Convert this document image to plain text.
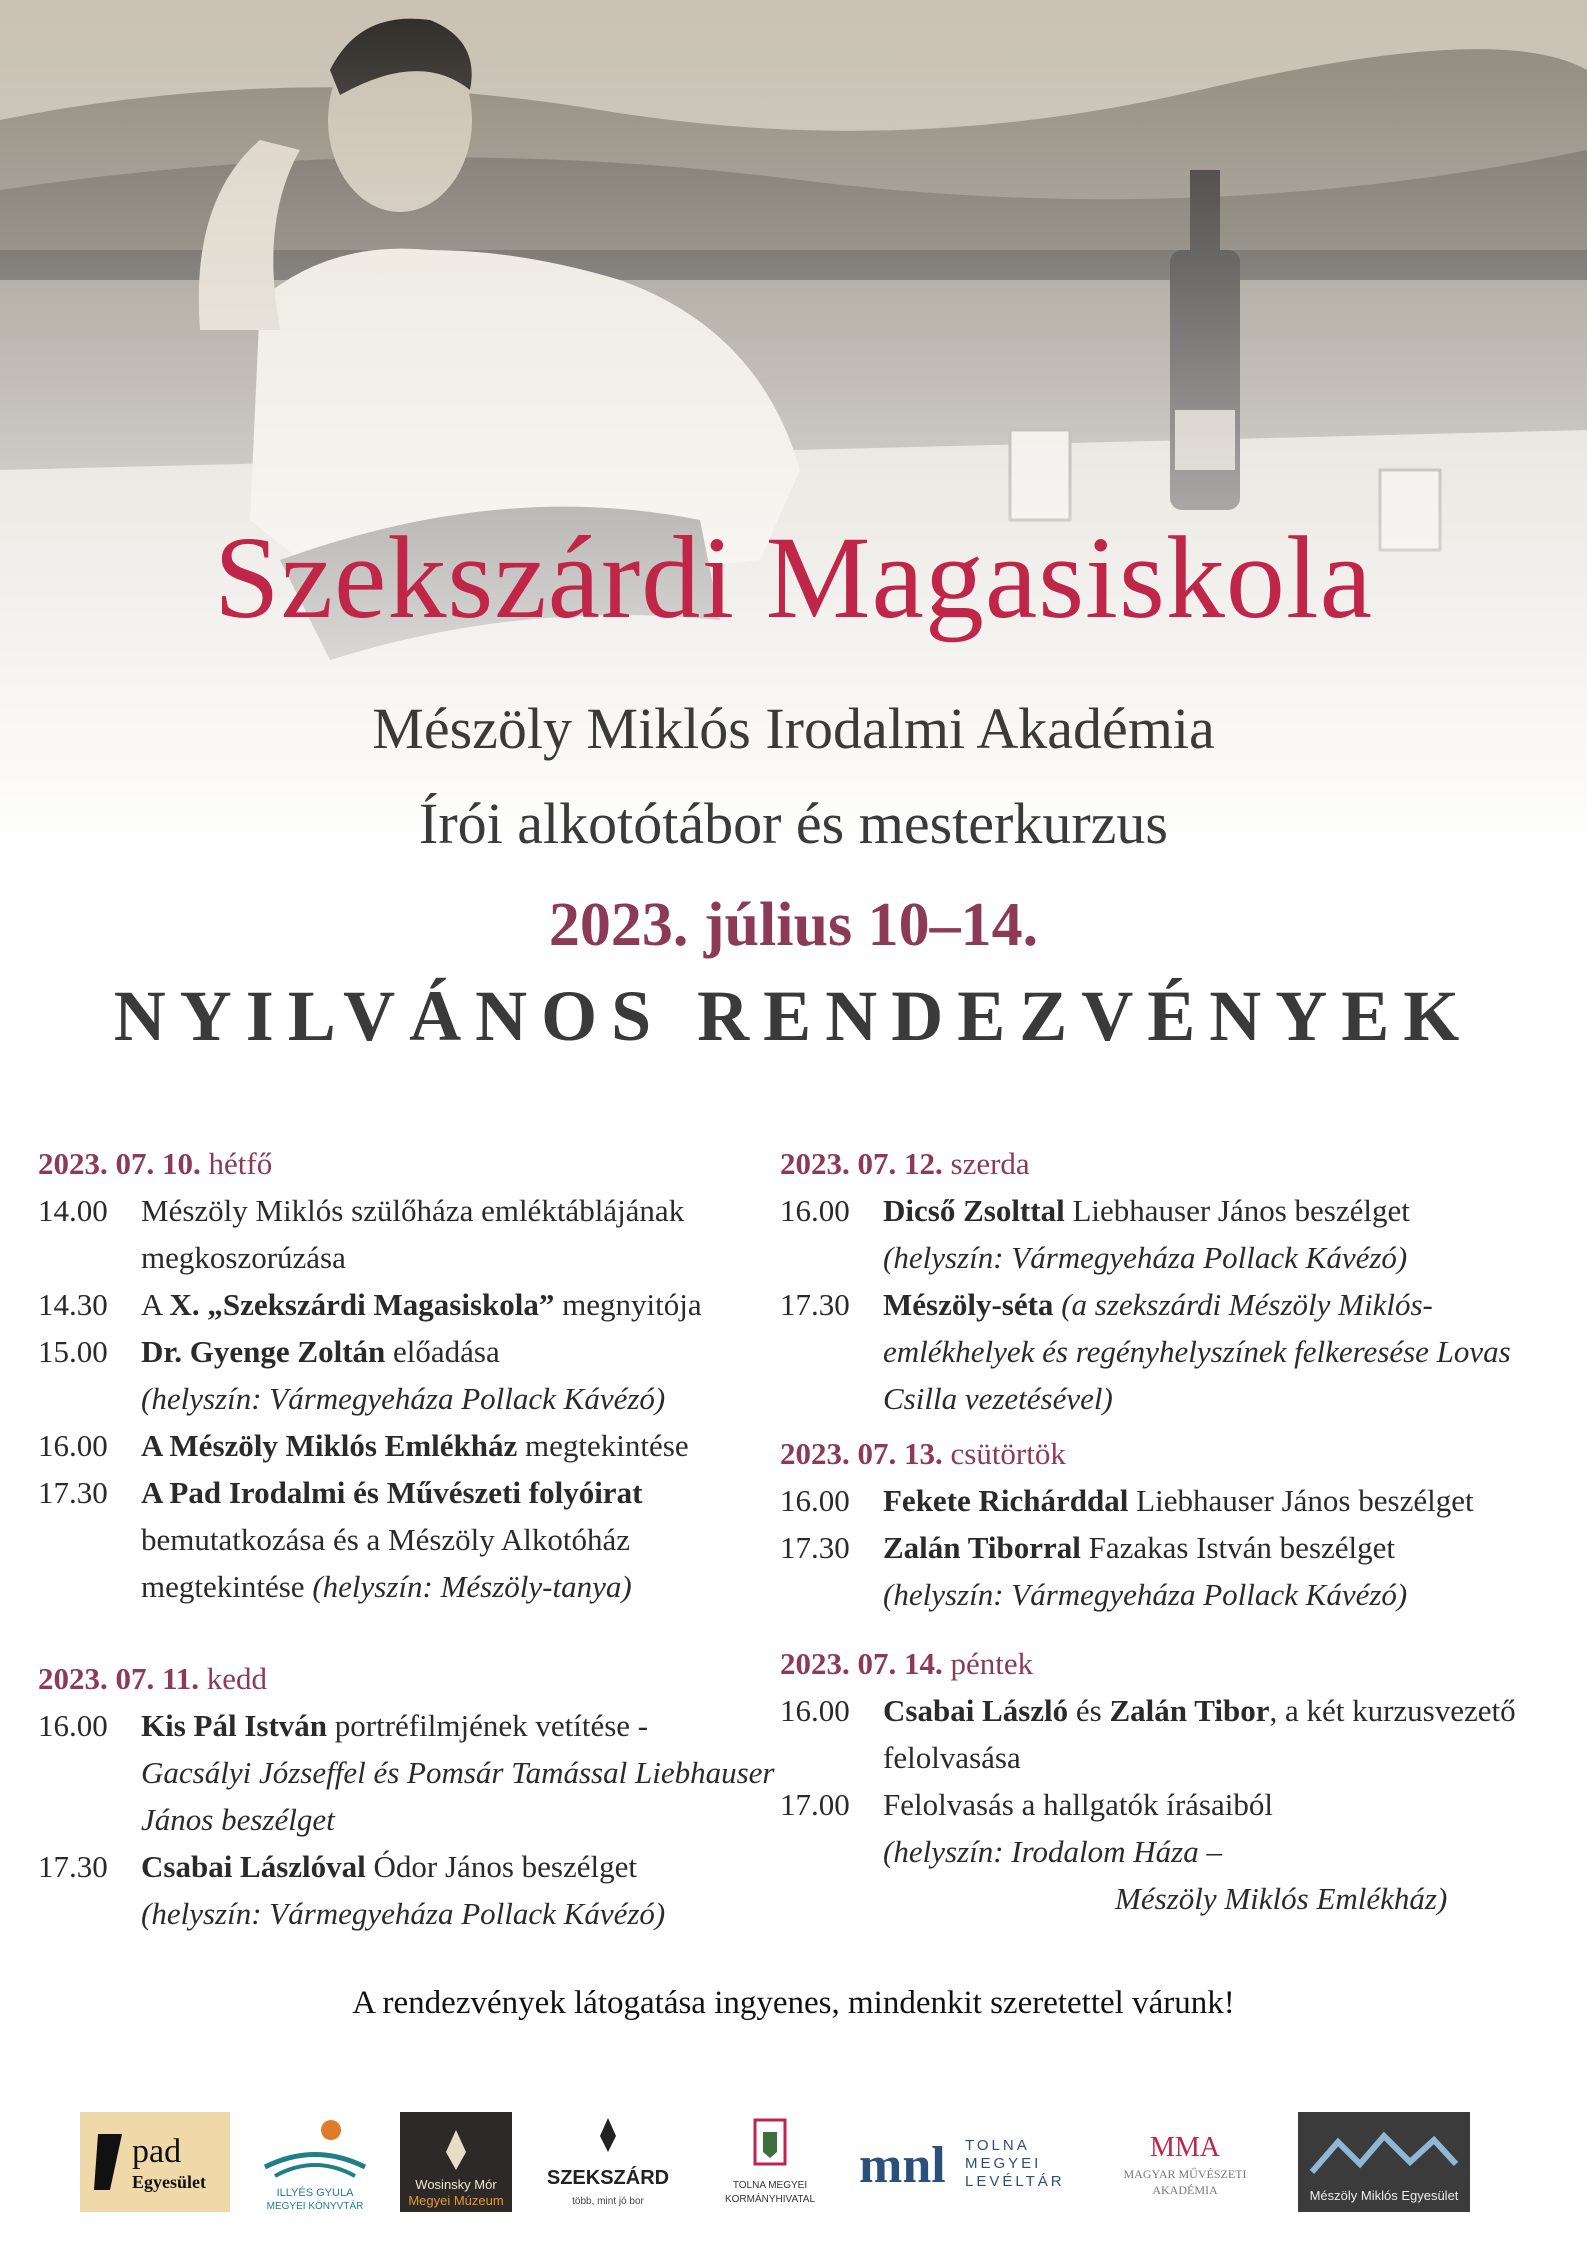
Szekszárdi Magasiskola
Mészöly Miklós Irodalmi Akadémia
Írói alkotótábor és mesterkurzus
2023. július 10–14.
NYILVÁNOS RENDEZVÉNYEK
2023. 07. 10. hétfő
14.00	Mészöly Miklós szülőháza emléktáblájának megkoszorúzása
14.30	A X. „Szekszárdi Magasiskola” megnyitója
15.00	Dr. Gyenge Zoltán előadása
(helyszín: Vármegyeháza Pollack Kávézó)
16.00	A Mészöly Miklós Emlékház megtekintése
17.30	A Pad Irodalmi és Művészeti folyóirat bemutatkozása és a Mészöly Alkotóház megtekintése (helyszín: Mészöly-tanya)
2023. 07. 11. kedd
16.00	Kis Pál István portréfilmjének vetítése -
Gacsályi Józseffel és Pomsár Tamással Liebhauser János beszélget
17.30	Csabai Lászlóval Ódor János beszélget
(helyszín: Vármegyeháza Pollack Kávézó)
2023. 07. 12. szerda
16.00	Dicső Zsolttal Liebhauser János beszélget
(helyszín: Vármegyeháza Pollack Kávézó)
17.30	Mészöly-séta (a szekszárdi Mészöly Miklós-emlékhelyek és regényhelyszínek felkeresése Lovas Csilla vezetésével)
2023. 07. 13. csütörtök
16.00	Fekete Richárddal Liebhauser János beszélget
17.30	Zalán Tiborral Fazakas István beszélget
(helyszín: Vármegyeháza Pollack Kávézó)
2023. 07. 14. péntek
16.00	Csabai László és Zalán Tibor, a két kurzusvezető felolvasása
17.00	Felolvasás a hallgatók írásaiból
(helyszín: Irodalom Háza –
Mészöly Miklós Emlékház)
A rendezvények látogatása ingyenes, mindenkit szeretettel várunk!
pad
Egyesület
ILLYÉS GYULA
MEGYEI KÖNYVTÁR
Wosinsky Mór
Megyei Múzeum
SZEKSZÁRD
több, mint jó bor
TOLNA MEGYEI
KORMÁNYHIVATAL
mnl TOLNA
MEGYEI
LEVÉLTÁR
MMA
MAGYAR MŰVÉSZETI
AKADÉMIA	Mészöly Miklós Egyesület
